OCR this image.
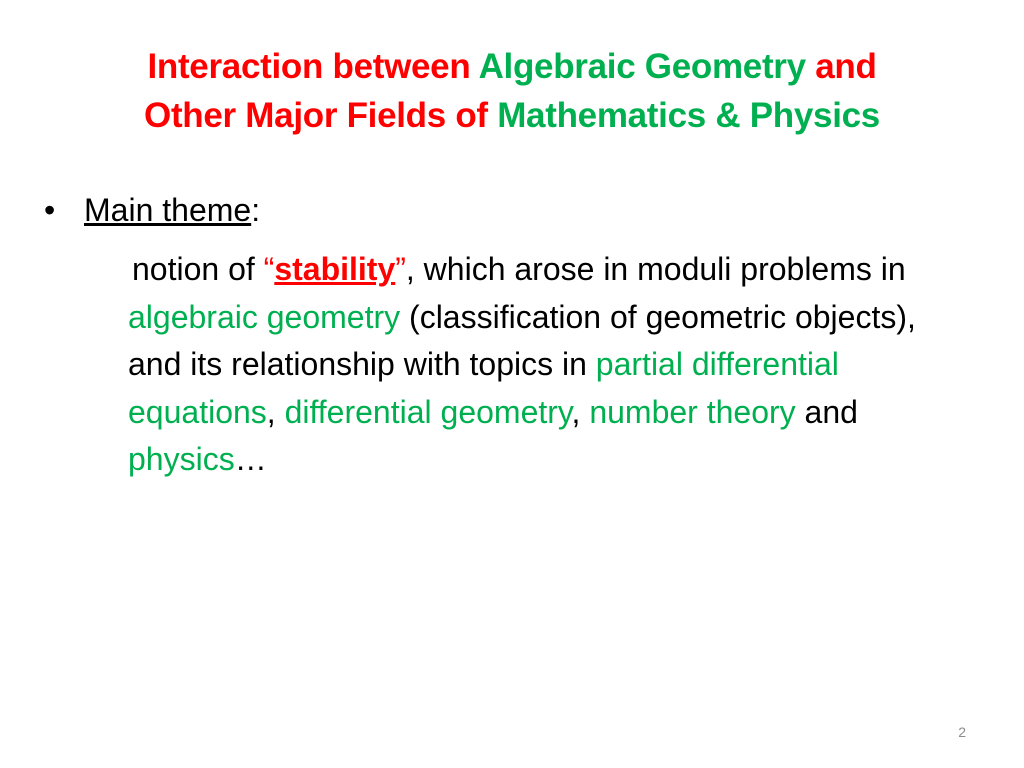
Interaction between Algebraic Geometry and
Other Major Fields of Mathematics & Physics
• Main theme:
notion of “stability”, which arose in moduli problems in algebraic geometry (classification of geometric objects), and its relationship with topics in partial differential equations, differential geometry, number theory and physics…
2
